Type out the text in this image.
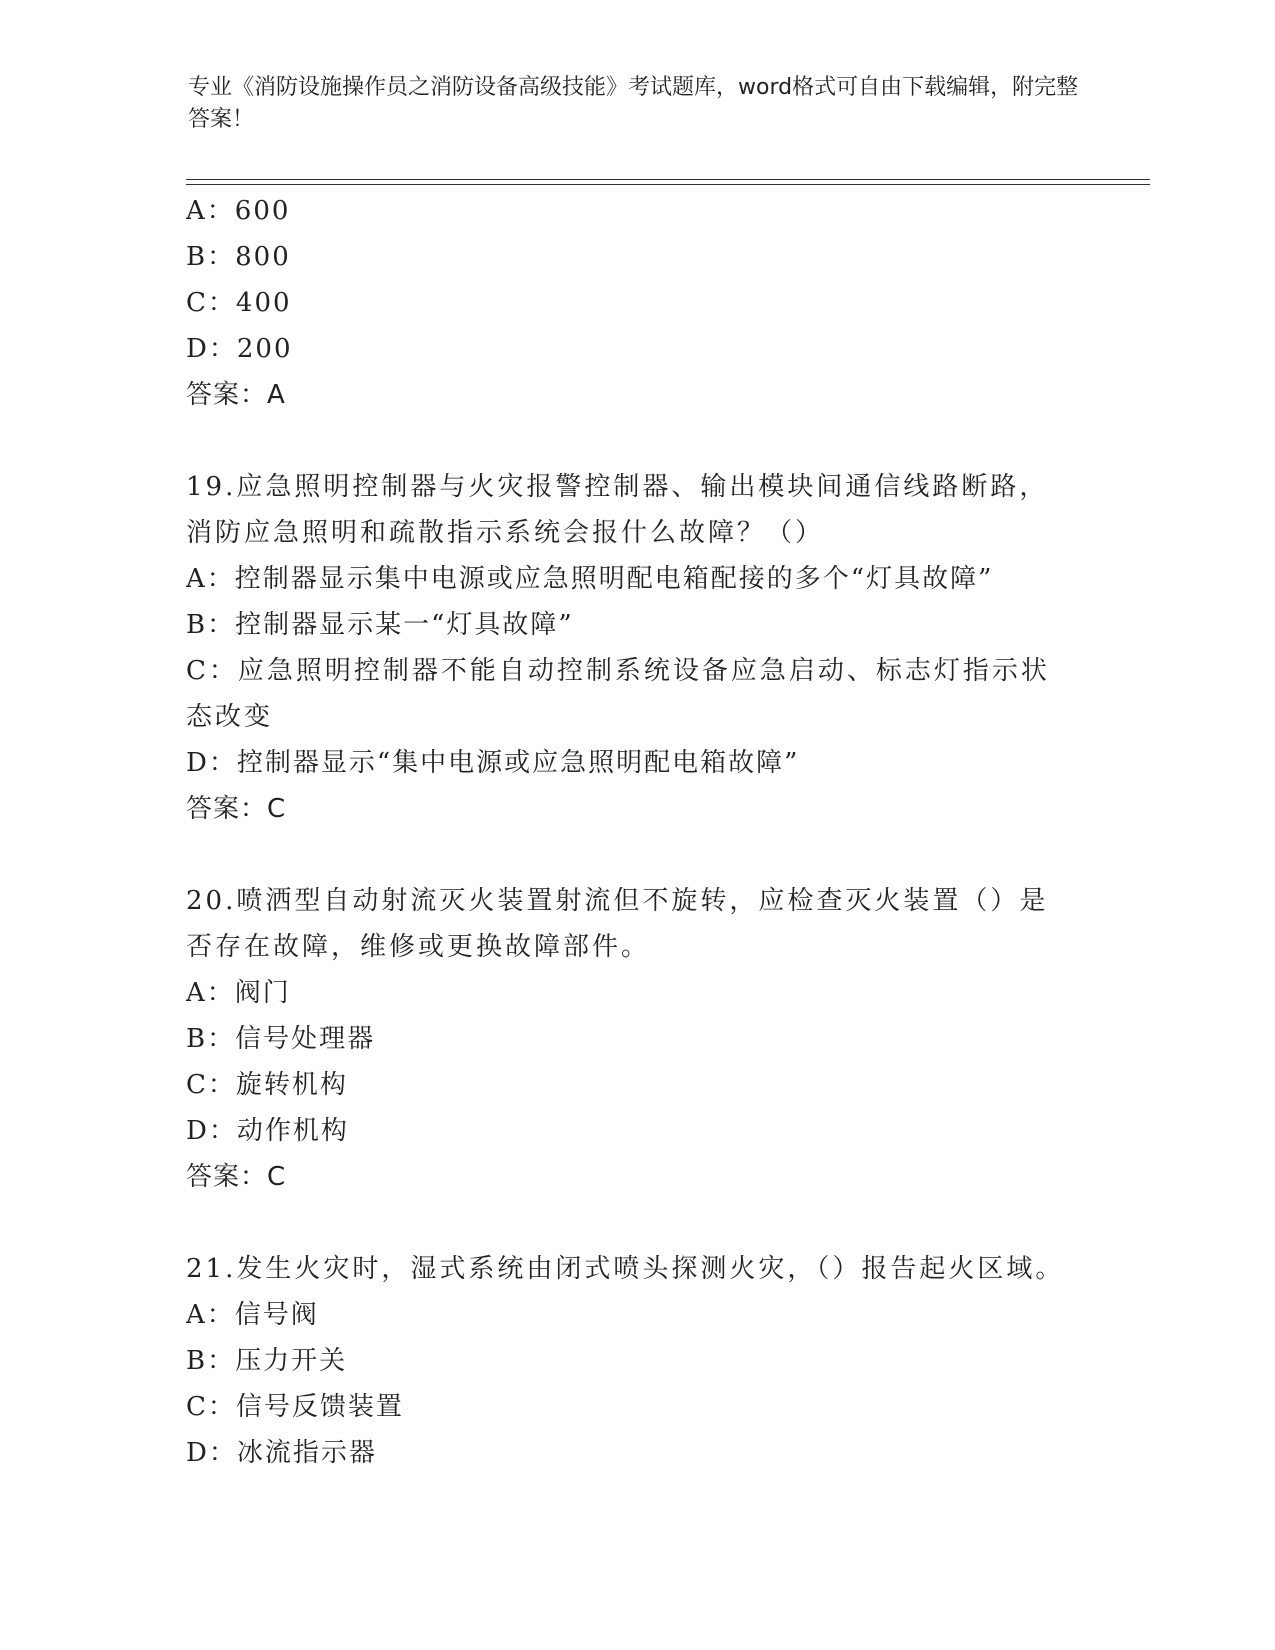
专业《消防设施操作员之消防设备高级技能》考试题库，word格式可自由下载编辑，附完整答案！
A：600
B：800
C：400
D：200
答案：A
19.应急照明控制器与火灾报警控制器、输出模块间通信线路断路，消防应急照明和疏散指示系统会报什么故障？（）
A：控制器显示集中电源或应急照明配电箱配接的多个“灯具故障”
B：控制器显示某一“灯具故障”
C：应急照明控制器不能自动控制系统设备应急启动、标志灯指示状态改变
D：控制器显示“集中电源或应急照明配电箱故障”
答案：C
20.喷洒型自动射流灭火装置射流但不旋转，应检查灭火装置（）是否存在故障，维修或更换故障部件。
A：阀门
B：信号处理器
C：旋转机构
D：动作机构
答案：C
21.发生火灾时，湿式系统由闭式喷头探测火灾，（）报告起火区域。
A：信号阀
B：压力开关
C：信号反馈装置
D：冰流指示器
